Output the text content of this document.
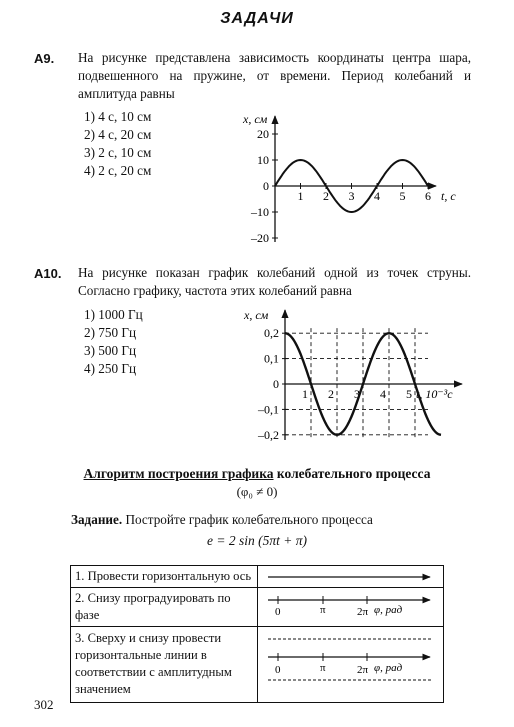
ЗАДАЧИ
A9. На рисунке представлена зависимость координаты центра шара, подвешенного на пружине, от времени. Период колебаний и амплитуда равны
1) 4 с, 10 см
2) 4 с, 20 см
3) 2 с, 10 см
4) 2 с, 20 см
x, см
t, с
20
10
0
–10
–20
1 2 3 4 5 6
A10. На рисунке показан график колебаний одной из точек струны. Согласно графику, частота этих колебаний равна
1) 1000 Гц
2) 750 Гц
3) 500 Гц
4) 250 Гц
x, см
t, 10⁻³с
0,2
0,1
0
–0,1
–0,2
1 2 3 4 5
Алгоритм построения графика колебательного процесса
(φ₀ ≠ 0)
Задание. Постройте график колебательного процесса
e = 2 sin (5πt + π)
1. Провести горизонтальную ось	

2. Снизу проградуировать по фазе	0 π 2π φ, рад

3. Сверху и снизу провести горизонтальные линии в соответствии с амплитудным значением	0 π 2π φ, рад
302
